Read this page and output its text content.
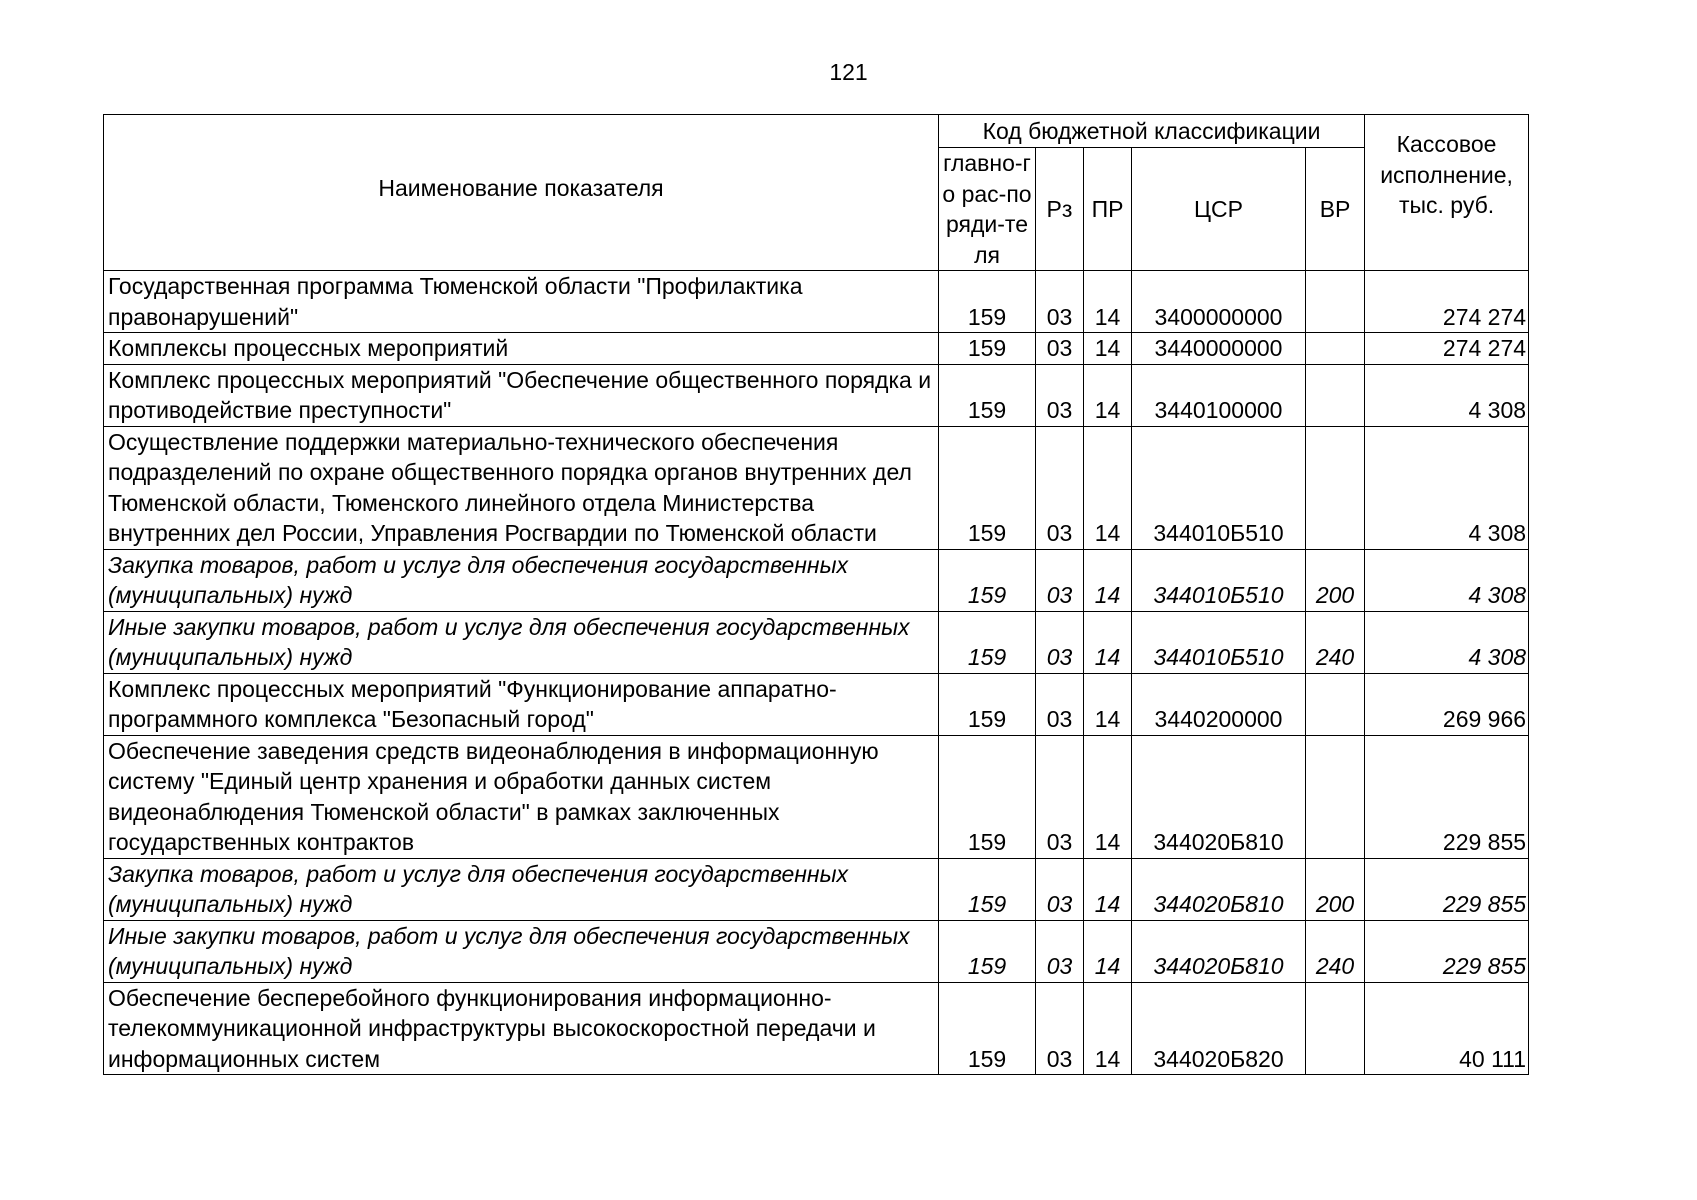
121
Наименование показателя	Код бюджетной классификации					Кассовое исполнение, тыс. руб.
	главно-го рас-поряди-теля	Рз	ПР	ЦСР	ВР	
Государственная программа Тюменской области "Профилактика правонарушений"	159	03	14	3400000000		274 274
Комплексы процессных мероприятий	159	03	14	3440000000		274 274
Комплекс процессных мероприятий "Обеспечение общественного порядка и противодействие преступности"	159	03	14	3440100000		4 308
Осуществление поддержки материально-технического обеспечения подразделений по охране общественного порядка органов внутренних дел Тюменской области, Тюменского линейного отдела Министерства внутренних дел России, Управления Росгвардии по Тюменской области	159	03	14	344010Б510		4 308
Закупка товаров, работ и услуг для обеспечения государственных (муниципальных) нужд	159	03	14	344010Б510	200	4 308
Иные закупки товаров, работ и услуг для обеспечения государственных (муниципальных) нужд	159	03	14	344010Б510	240	4 308
Комплекс процессных мероприятий "Функционирование аппаратно-программного комплекса "Безопасный город"	159	03	14	3440200000		269 966
Обеспечение заведения средств видеонаблюдения в информационную систему "Единый центр хранения и обработки данных систем видеонаблюдения Тюменской области" в рамках заключенных государственных контрактов	159	03	14	344020Б810		229 855
Закупка товаров, работ и услуг для обеспечения государственных (муниципальных) нужд	159	03	14	344020Б810	200	229 855
Иные закупки товаров, работ и услуг для обеспечения государственных (муниципальных) нужд	159	03	14	344020Б810	240	229 855
Обеспечение бесперебойного функционирования информационно-телекоммуникационной инфраструктуры высокоскоростной передачи и информационных систем	159	03	14	344020Б820		40 111
